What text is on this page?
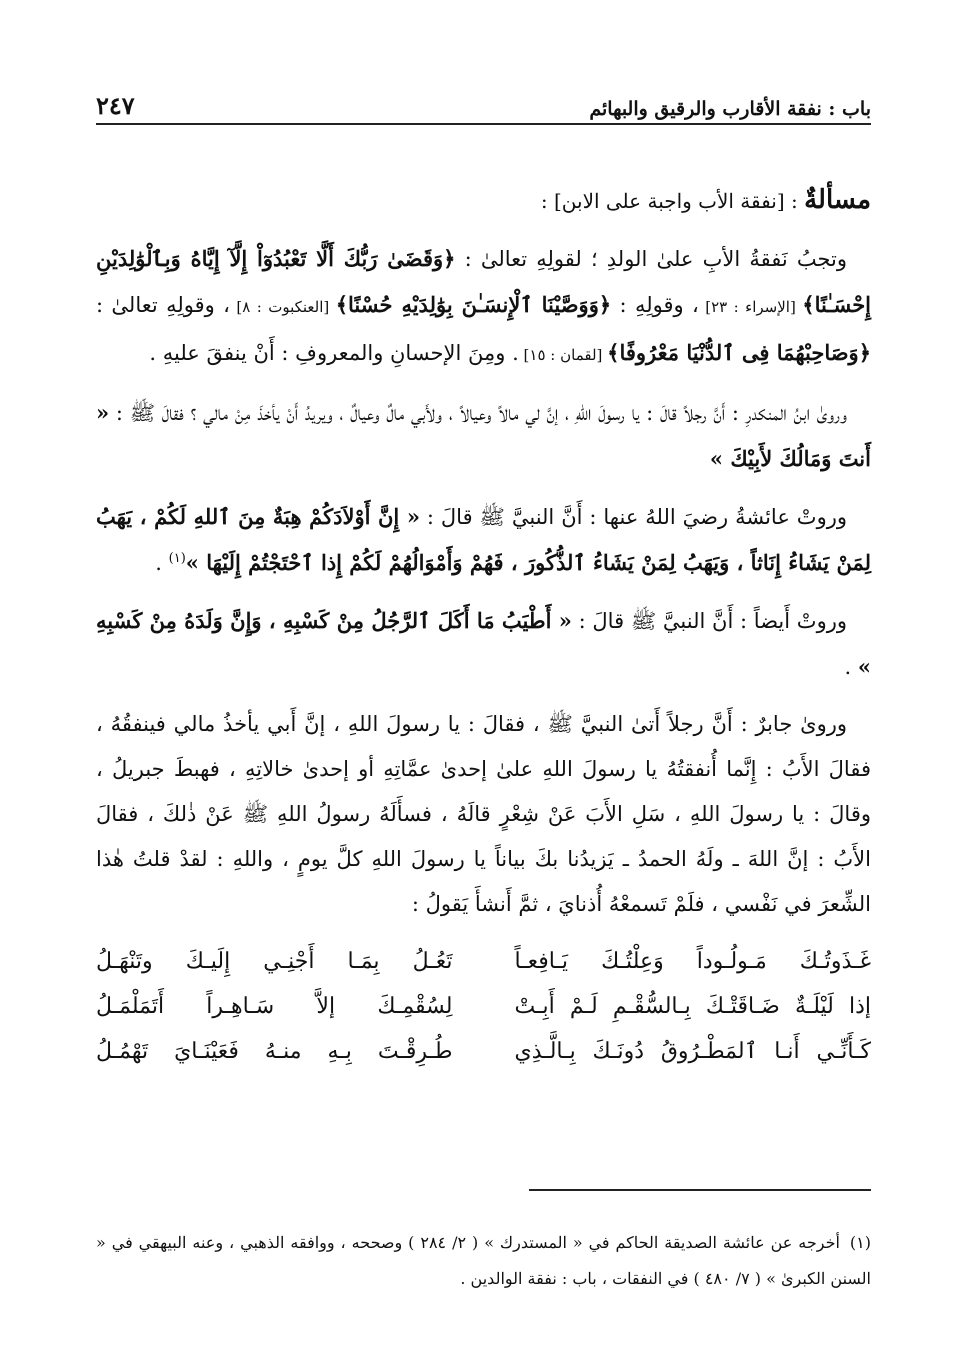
باب : نفقة الأقارب والرقيق والبهائم
٢٤٧

مسألةٌ : [نفقة الأب واجبة على الابن] :

وتجبُ نَفقةُ الأبِ علىٰ الولدِ ؛ لقولِهِ تعالىٰ : ﴿وَقَضَىٰ رَبُّكَ أَلَّا تَعْبُدُوٓاْ إِلَّآ إِيَّاهُ وَبِٱلْوَٰلِدَيْنِ إِحْسَـٰنًا﴾ [الإسراء : ٢٣] ، وقولِهِ : ﴿وَوَصَّيْنَا ٱلْإِنسَـٰنَ بِوَٰلِدَيْهِ حُسْنًا﴾ [العنكبوت : ٨] ، وقولِهِ تعالىٰ : ﴿وَصَاحِبْهُمَا فِى ٱلدُّنْيَا مَعْرُوفًا﴾ [لقمان : ١٥] . ومِنَ الإحسانِ والمعروفِ : أَنْ ينفقَ عليهِ .

وروىٰ ابنُ المنكدرِ : أَنَّ رجلاً قالَ : يا رسولَ اللهِ ، إنَّ لي مالاً وعيالاً ، ولأَبي مالٌ وعيالٌ ، ويريدُ أَنْ يأخذَ مِنْ مالي ؟ فقالَ ﷺ : « أَنتَ وَمَالُكَ لأَبِيْكَ »

وروتْ عائشةُ رضيَ اللهُ عنها : أَنَّ النبيَّ ﷺ قالَ : « إِنَّ أَوْلاَدَكُمْ هِبَةٌ مِنَ ٱللهِ لَكُمْ ، يَهَبُ لِمَنْ يَشَاءُ إِنَاثاً ، وَيَهَبُ لِمَنْ يَشَاءُ ٱلذُّكُورَ ، فَهُمْ وَأَمْوَالُهُمْ لَكُمْ إِذا ٱحْتَجْتُمْ إِلَيْهَا »$^{(١)}$ .

وروتْ أَيضاً : أَنَّ النبيَّ ﷺ قالَ : « أَطْيَبُ مَا أَكَلَ ٱلرَّجُلُ مِنْ كَسْبِهِ ، وَإِنَّ وَلَدَهُ مِنْ كَسْبِهِ » .

وروىٰ جابرٌ : أَنَّ رجلاً أَتىٰ النبيَّ ﷺ ، فقالَ : يا رسولَ اللهِ ، إنَّ أَبي يأخذُ مالي فينفقُهُ ، فقالَ الأَبُ : إِنَّما أُنفقتُهُ يا رسولَ اللهِ علىٰ إحدىٰ عمَّاتِهِ أو إحدىٰ خالاتِهِ ، فهبطَ جبريلُ ، وقالَ : يا رسولَ اللهِ ، سَلِ الأَبَ عَنْ شِعْرٍ قالَهُ ، فسأَلَهُ رسولُ اللهِ ﷺ عَنْ ذٰلكَ ، فقالَ الأَبُ : إنَّ اللهَ ـ ولَهُ الحمدُ ـ يَزيدُنا بكَ بياناً يا رسولَ اللهِ كلَّ يومٍ ، واللهِ : لقدْ قلتُ هٰذا الشِّعرَ في نَفْسي ، فلَمْ تَسمعْهُ أُذنايَ ، ثمَّ أَنشأَ يَقولُ :

غَـذَوتُـكَ مَـولُـوداً وَعِلْتُـكَ يَـافِعـاً
تَعُـلُ بِمَـا أَجْنِـي إِلَيـكَ وتَنْهَـلُ
إذا لَيْلَـةٌ ضَـاقَتْـكَ بِـالسُّقْـمِ لَـمْ أَبِـتْ
لِسُقْمِـكَ إلاَّ سَـاهِـراً أَتَمَلْمَـلُ
كَـأَنِّـي أَنـا ٱلمَطْـرُوقُ دُونَـكَ بِـالَّـذِي
طُـرِقْـتَ بِـهِ منـهُ فَعَيْنَـايَ تَهْمُـلُ
(١)أخرجه عن عائشة الصديقة الحاكم في « المستدرك » ( ٢/ ٢٨٤ ) وصححه ، ووافقه الذهبي ، وعنه البيهقي في « السنن الكبرىٰ » ( ٧/ ٤٨٠ ) في النفقات ، باب : نفقة الوالدين .
